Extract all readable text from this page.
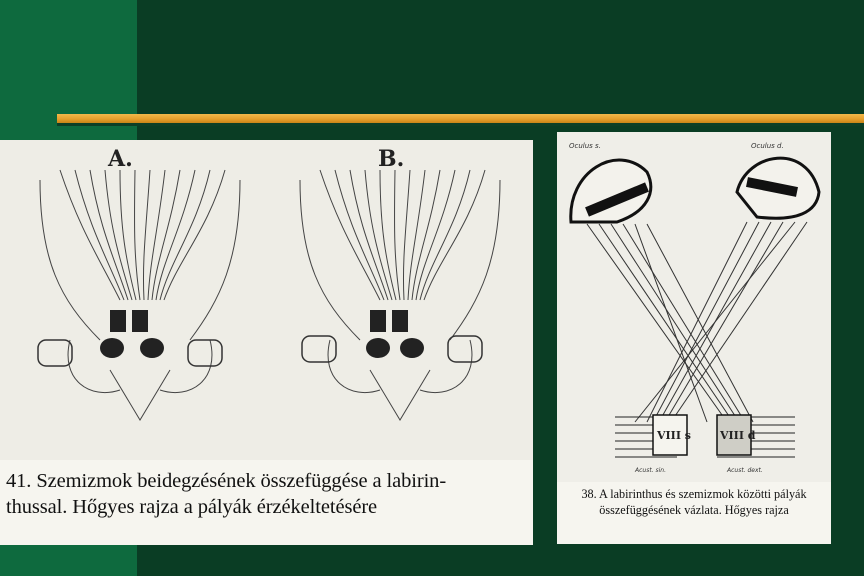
A.	B.
41. Szemizmok beidegzésének összefüggése a labirin-
thussal. Hőgyes rajza a pályák érzékeltetésére
VIII s	VIII d
Oculus s.	Oculus d.
Acust. sin.	Acust. dext.
38. A labirinthus és szemizmok közötti pályák összefüggésének vázlata. Hőgyes rajza
